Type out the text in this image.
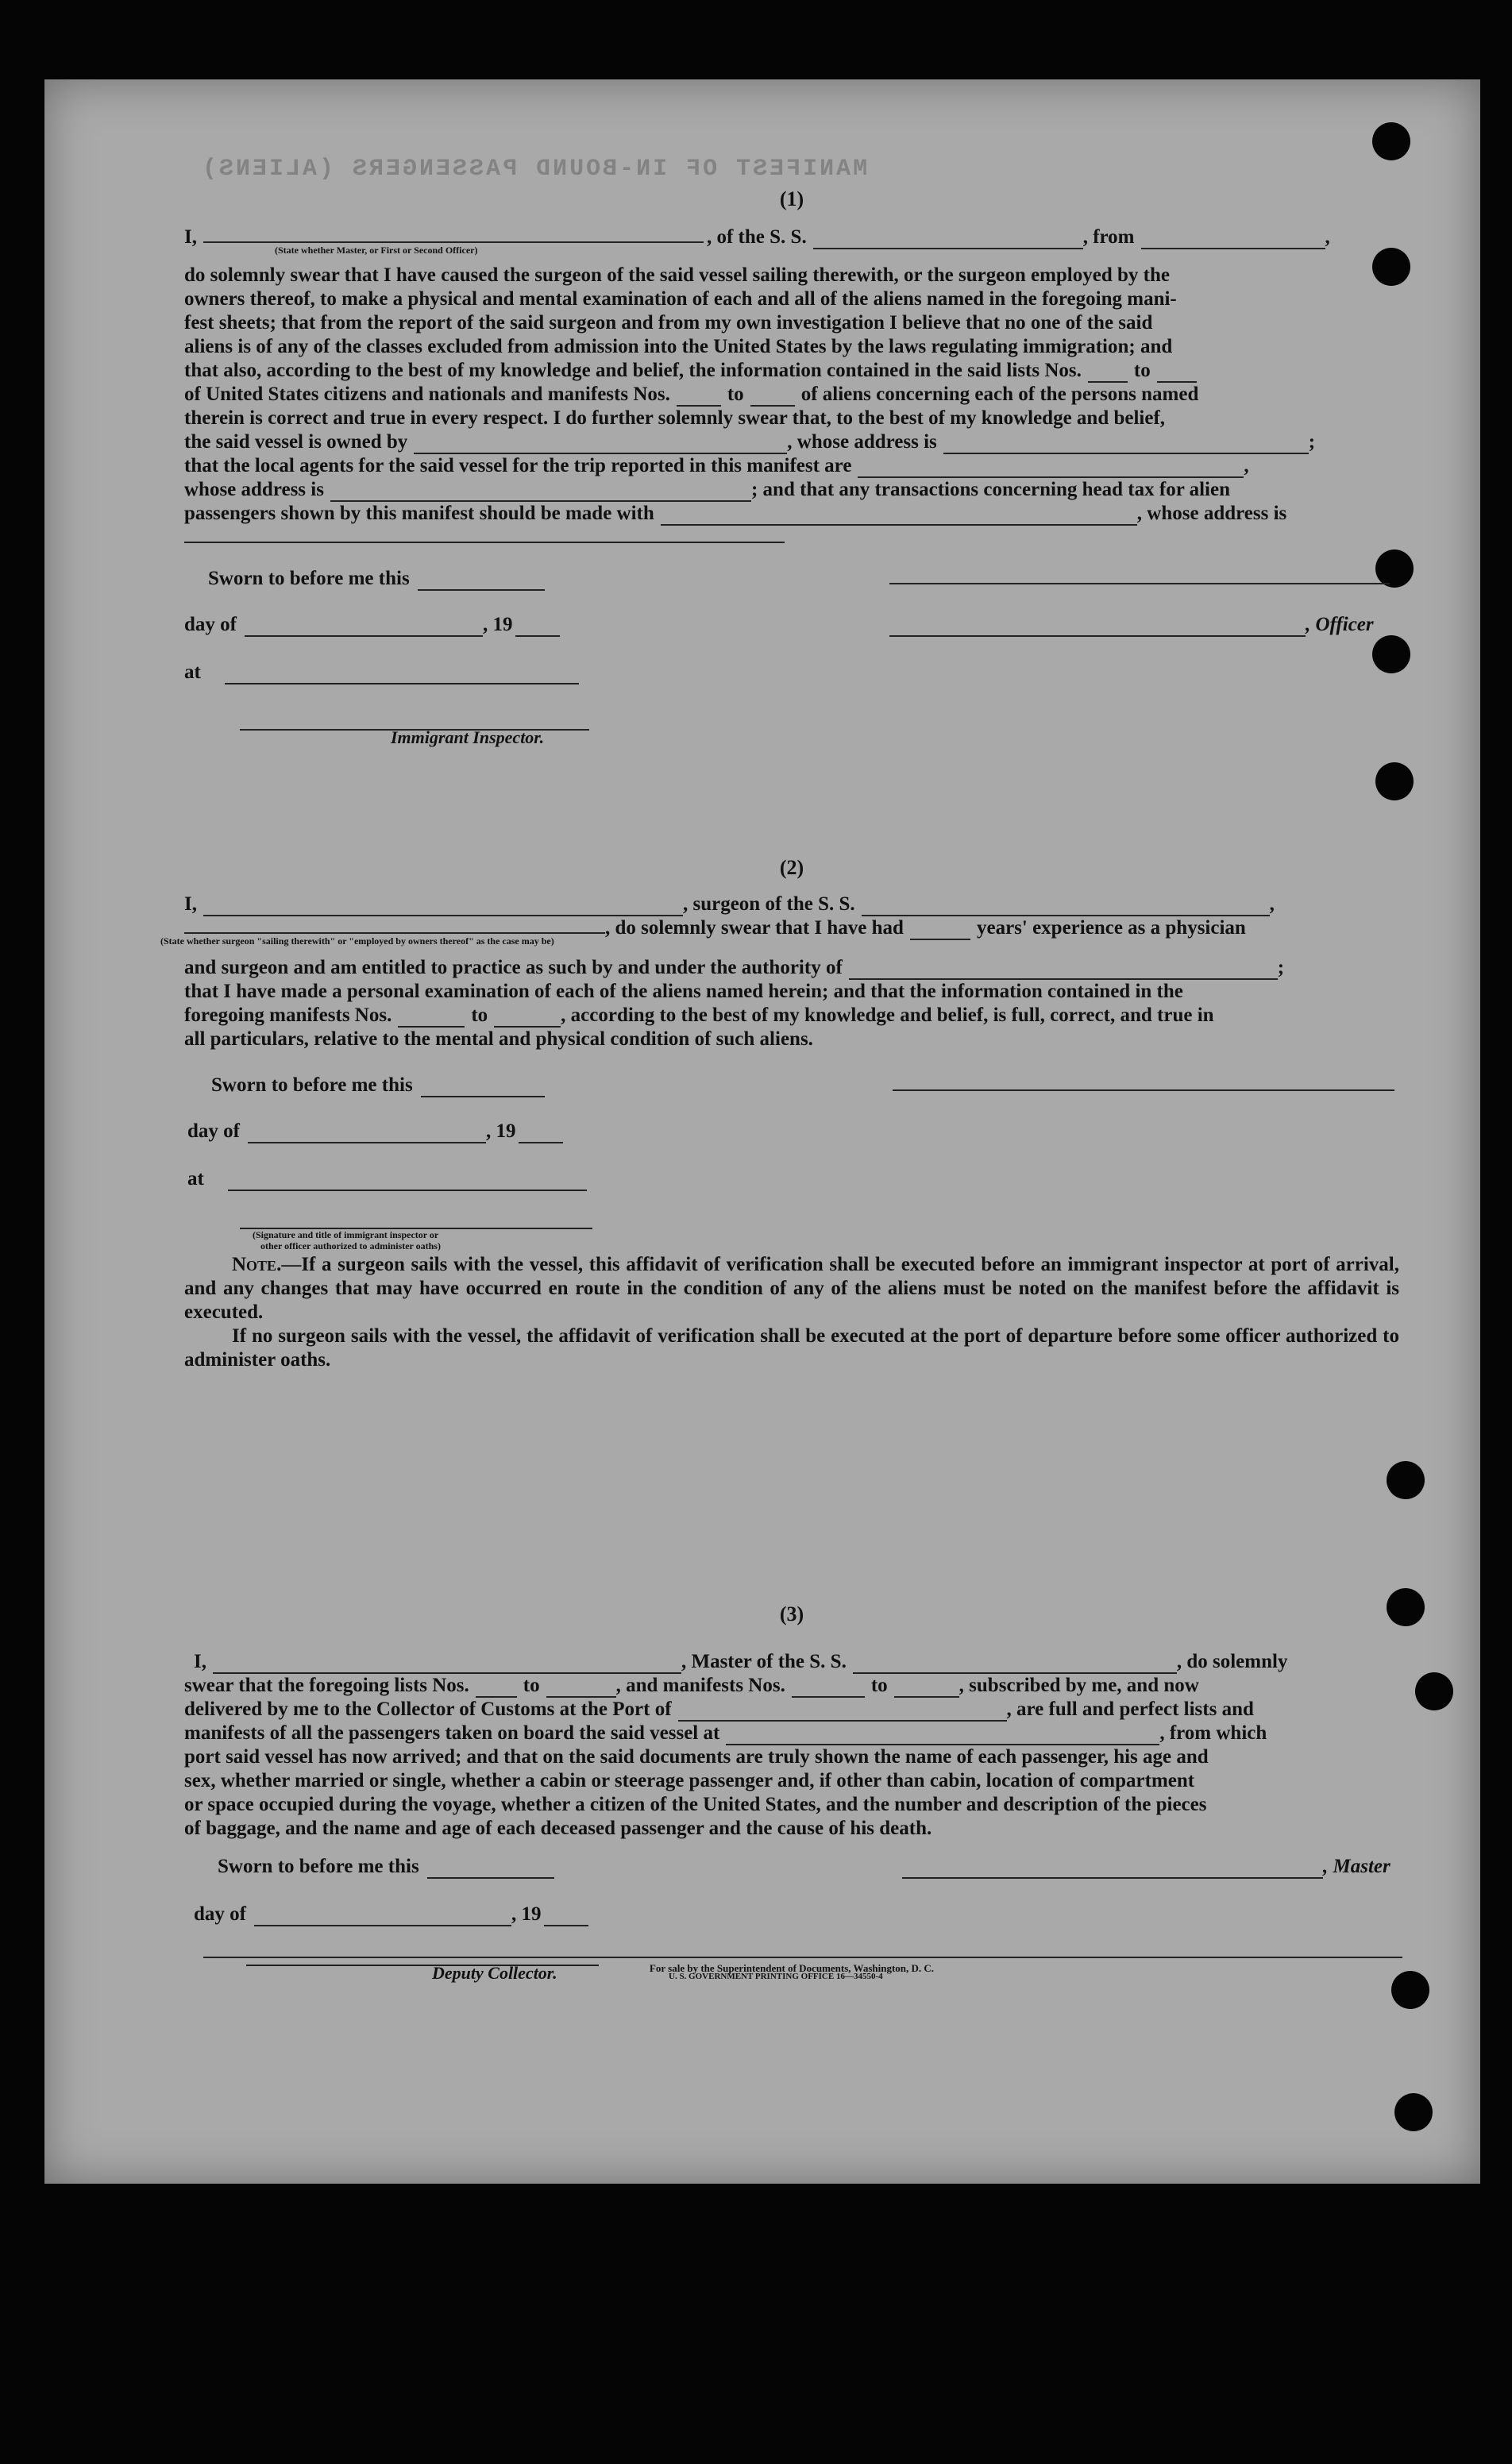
MANIFEST OF IN-BOUND PASSENGERS (ALIENS)
(1)
I,
(State whether Master, or First or Second Officer)
, of the S. S.	, from	,

do solemnly swear that I have caused the surgeon of the said vessel sailing therewith, or the surgeon employed by the

owners thereof, to make a physical and mental examination of each and all of the aliens named in the foregoing mani-

fest sheets; that from the report of the said surgeon and from my own investigation I believe that no one of the said

aliens is of any of the classes excluded from admission into the United States by the laws regulating immigration; and

that also, according to the best of my knowledge and belief, the information contained in the said lists Nos.	to
of United States citizens and nationals and manifests Nos.	to	of aliens concerning each of the persons named

therein is correct and true in every respect. I do further solemnly swear that, to the best of my knowledge and belief,

the said vessel is owned by	, whose address is	;
that the local agents for the said vessel for the trip reported in this manifest are	,
whose address is	; and that any transactions concerning head tax for alien
passengers shown by this manifest should be made with	, whose address is
Sworn to before me this
day of	, 19	, Officer
at
Immigrant Inspector.
(2)
I,	, surgeon of the S. S.	,
(State whether surgeon "sailing therewith" or "employed by owners thereof" as the case may be)
, do solemnly swear that I have had	years' experience as a physician
and surgeon and am entitled to practice as such by and under the authority of	;

that I have made a personal examination of each of the aliens named herein; and that the information contained in the

foregoing manifests Nos.	to	, according to the best of my knowledge and belief, is full, correct, and true in

all particulars, relative to the mental and physical condition of such aliens.

Sworn to before me this
day of	, 19
at
(Signature and title of immigrant inspector or
other officer authorized to administer oaths)

Note.—If a surgeon sails with the vessel, this affidavit of verification shall be executed before an immigrant inspector at port of arrival, and any changes that may have occurred en route in the condition of any of the aliens must be noted on the manifest before the affidavit is executed.

If no surgeon sails with the vessel, the affidavit of verification shall be executed at the port of departure before some officer authorized to administer oaths.

(3)
I,	, Master of the S. S.	, do solemnly
swear that the foregoing lists Nos.	to	, and manifests Nos.	to	, subscribed by me, and now
delivered by me to the Collector of Customs at the Port of	, are full and perfect lists and
manifests of all the passengers taken on board the said vessel at	, from which

port said vessel has now arrived; and that on the said documents are truly shown the name of each passenger, his age and

sex, whether married or single, whether a cabin or steerage passenger and, if other than cabin, location of compartment

or space occupied during the voyage, whether a citizen of the United States, and the number and description of the pieces

of baggage, and the name and age of each deceased passenger and the cause of his death.

Sworn to before me this	, Master
day of	, 19
Deputy Collector.	U. S. GOVERNMENT PRINTING OFFICE 16—34550-4
For sale by the Superintendent of Documents, Washington, D. C.
